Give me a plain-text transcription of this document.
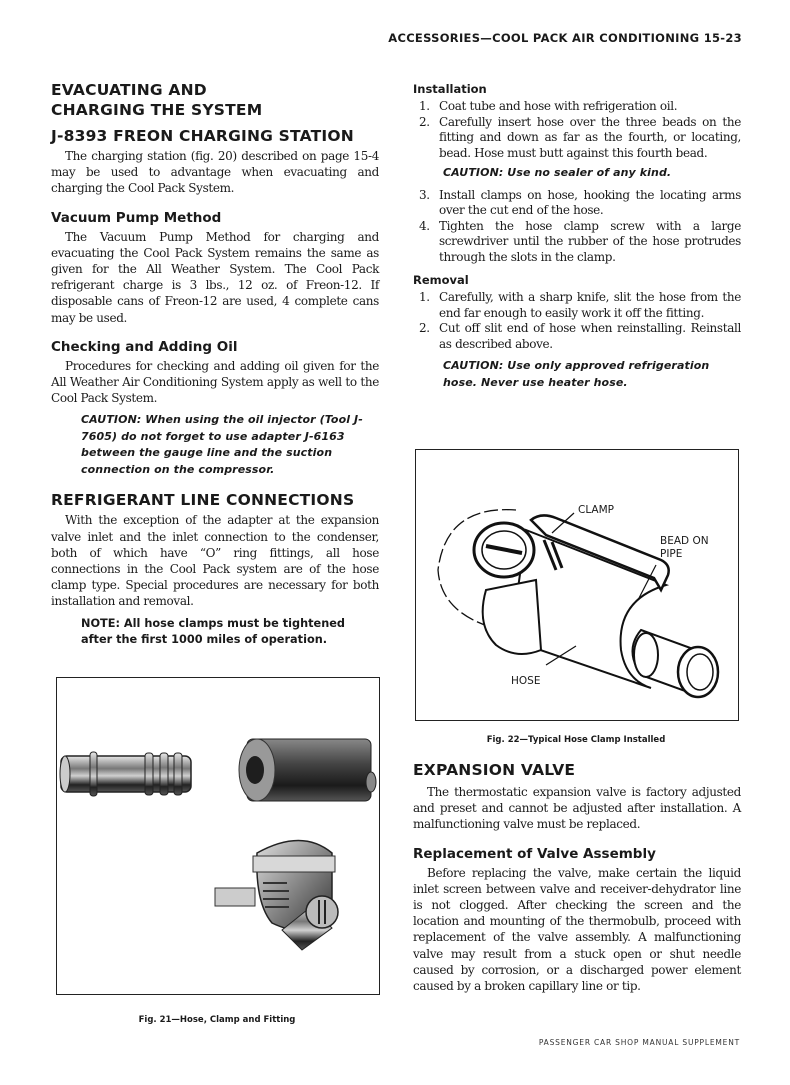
ACCESSORIES—COOL PACK AIR CONDITIONING 15-23
EVACUATING AND CHARGING THE SYSTEM
J-8393 FREON CHARGING STATION

The charging station (fig. 20) described on page 15-4 may be used to advantage when evacuating and charging the Cool Pack System.

Vacuum Pump Method

The Vacuum Pump Method for charging and evacuating the Cool Pack System remains the same as given for the All Weather System. The Cool Pack refrigerant charge is 3 lbs., 12 oz. of Freon-12. If disposable cans of Freon-12 are used, 4 complete cans may be used.

Checking and Adding Oil

Procedures for checking and adding oil given for the All Weather Air Conditioning System apply as well to the Cool Pack System.

CAUTION: When using the oil injector (Tool J-7605) do not forget to use adapter J-6163 between the gauge line and the suction connection on the compressor.
REFRIGERANT LINE CONNECTIONS

With the exception of the adapter at the expansion valve inlet and the inlet connection to the condenser, both of which have “O” ring fittings, all hose connections in the Cool Pack system are of the hose clamp type. Special procedures are necessary for both installation and removal.

NOTE: All hose clamps must be tightened after the first 1000 miles of operation.
Fig. 21—Hose, Clamp and Fitting
Installation
1. Coat tube and hose with refrigeration oil.
2. Carefully insert hose over the three beads on the fitting and down as far as the fourth, or locating, bead. Hose must butt against this fourth bead.
CAUTION: Use no sealer of any kind.
3. Install clamps on hose, hooking the locating arms over the cut end of the hose.
4. Tighten the hose clamp screw with a large screwdriver until the rubber of the hose protrudes through the slots in the clamp.
Removal
1. Carefully, with a sharp knife, slit the hose from the end far enough to easily work it off the fitting.
2. Cut off slit end of hose when reinstalling. Reinstall as described above.
CAUTION: Use only approved refrigeration hose. Never use heater hose.
CLAMP
BEAD ON
PIPE
HOSE
Fig. 22—Typical Hose Clamp Installed
EXPANSION VALVE

The thermostatic expansion valve is factory adjusted and preset and cannot be adjusted after installation. A malfunctioning valve must be replaced.

Replacement of Valve Assembly

Before replacing the valve, make certain the liquid inlet screen between valve and receiver-dehydrator line is not clogged. After checking the screen and the location and mounting of the thermobulb, proceed with replacement of the valve assembly. A malfunctioning valve may result from a stuck open or shut needle caused by corrosion, or a discharged power element caused by a broken capillary line or tip.

PASSENGER CAR SHOP MANUAL SUPPLEMENT
